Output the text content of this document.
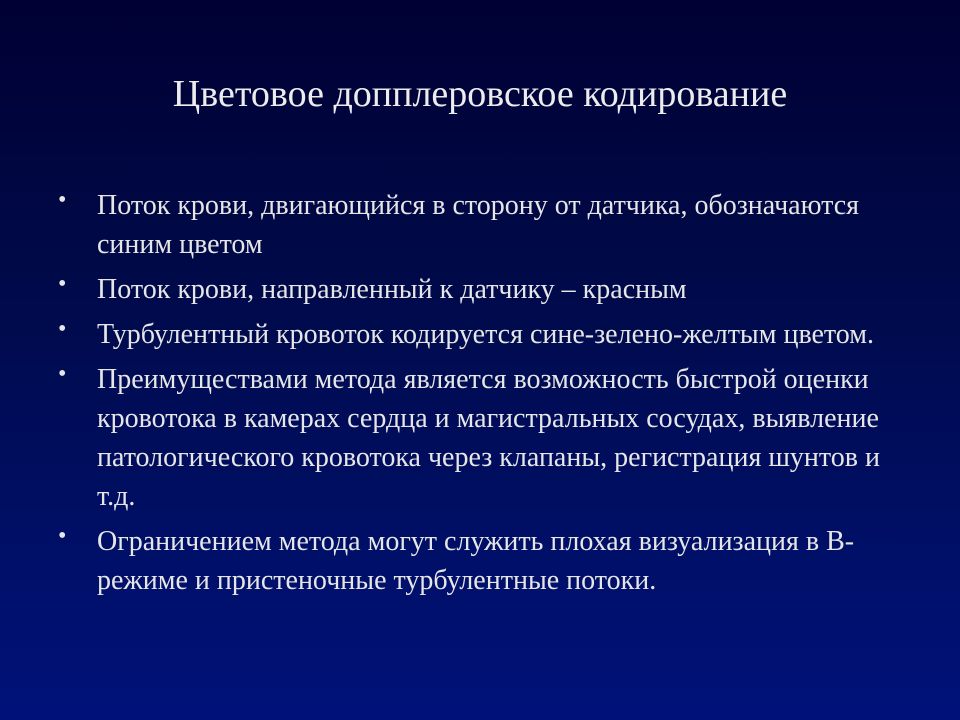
Цветовое допплеровское кодирование
• Поток крови, двигающийся в сторону от датчика, обозначаются синим цветом
• Поток крови, направленный к датчику – красным
• Турбулентный кровоток кодируется сине-зелено-желтым цветом.
• Преимуществами метода является возможность быстрой оценки кровотока в камерах сердца и магистральных сосудах, выявление патологического кровотока через клапаны, регистрация шунтов и т.д.
• Ограничением метода могут служить плохая визуализация в В-режиме и пристеночные турбулентные потоки.
